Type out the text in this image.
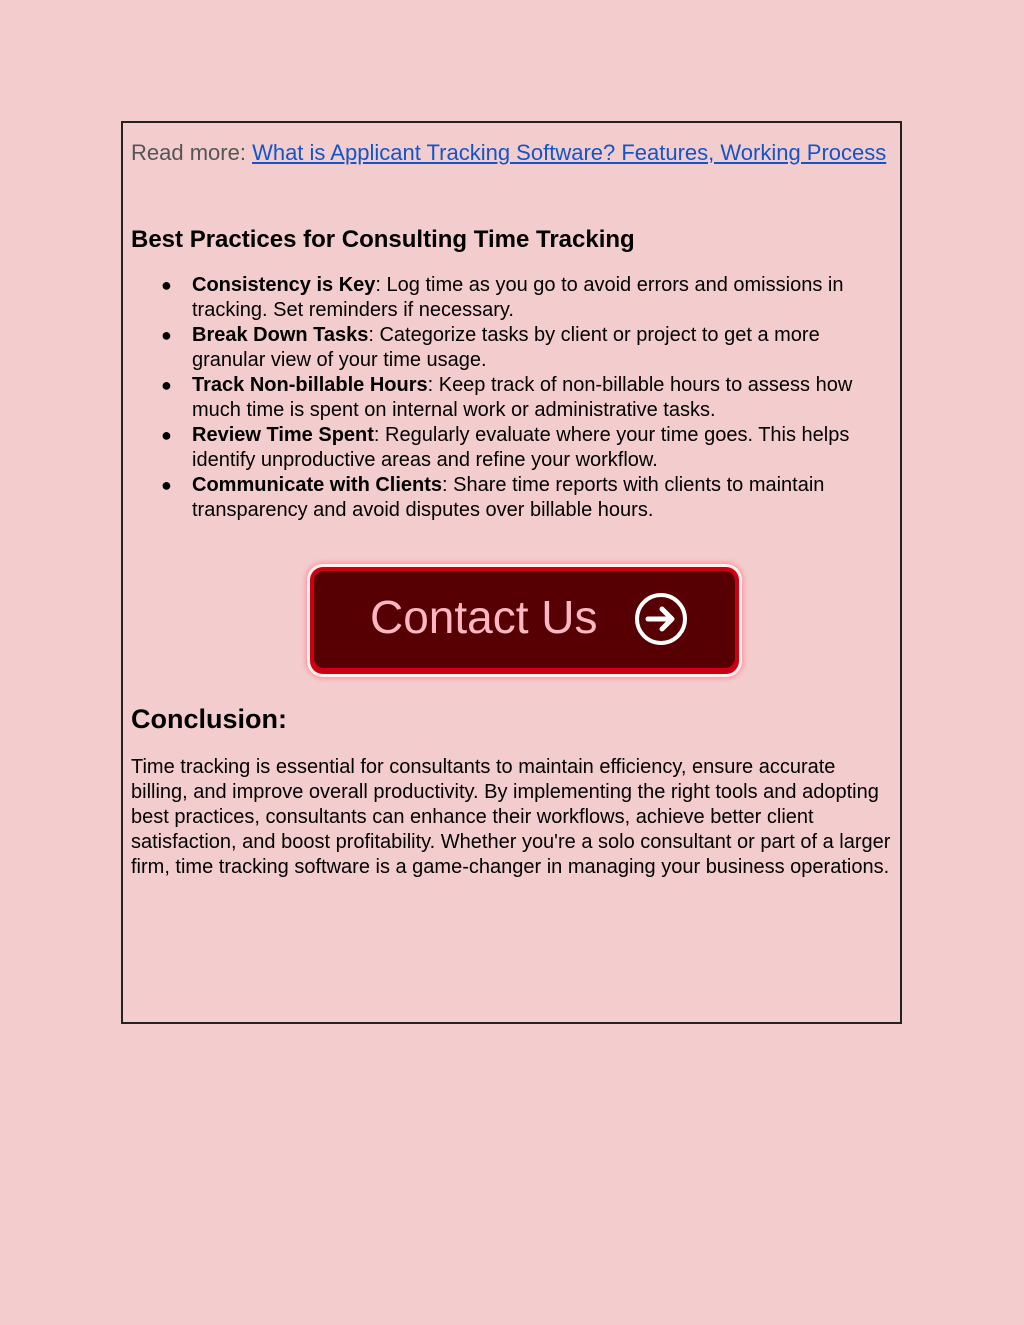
Read more: What is Applicant Tracking Software? Features, Working Process

Best Practices for Consulting Time Tracking
● Consistency is Key: Log time as you go to avoid errors and omissions in tracking. Set reminders if necessary.
● Break Down Tasks: Categorize tasks by client or project to get a more granular view of your time usage.
● Track Non-billable Hours: Keep track of non-billable hours to assess how much time is spent on internal work or administrative tasks.
● Review Time Spent: Regularly evaluate where your time goes. This helps identify unproductive areas and refine your workflow.
● Communicate with Clients: Share time reports with clients to maintain transparency and avoid disputes over billable hours.
Contact Us
Conclusion:

Time tracking is essential for consultants to maintain efficiency, ensure accurate billing, and improve overall productivity. By implementing the right tools and adopting best practices, consultants can enhance their workflows, achieve better client satisfaction, and boost profitability. Whether you're a solo consultant or part of a larger firm, time tracking software is a game-changer in managing your business operations.
